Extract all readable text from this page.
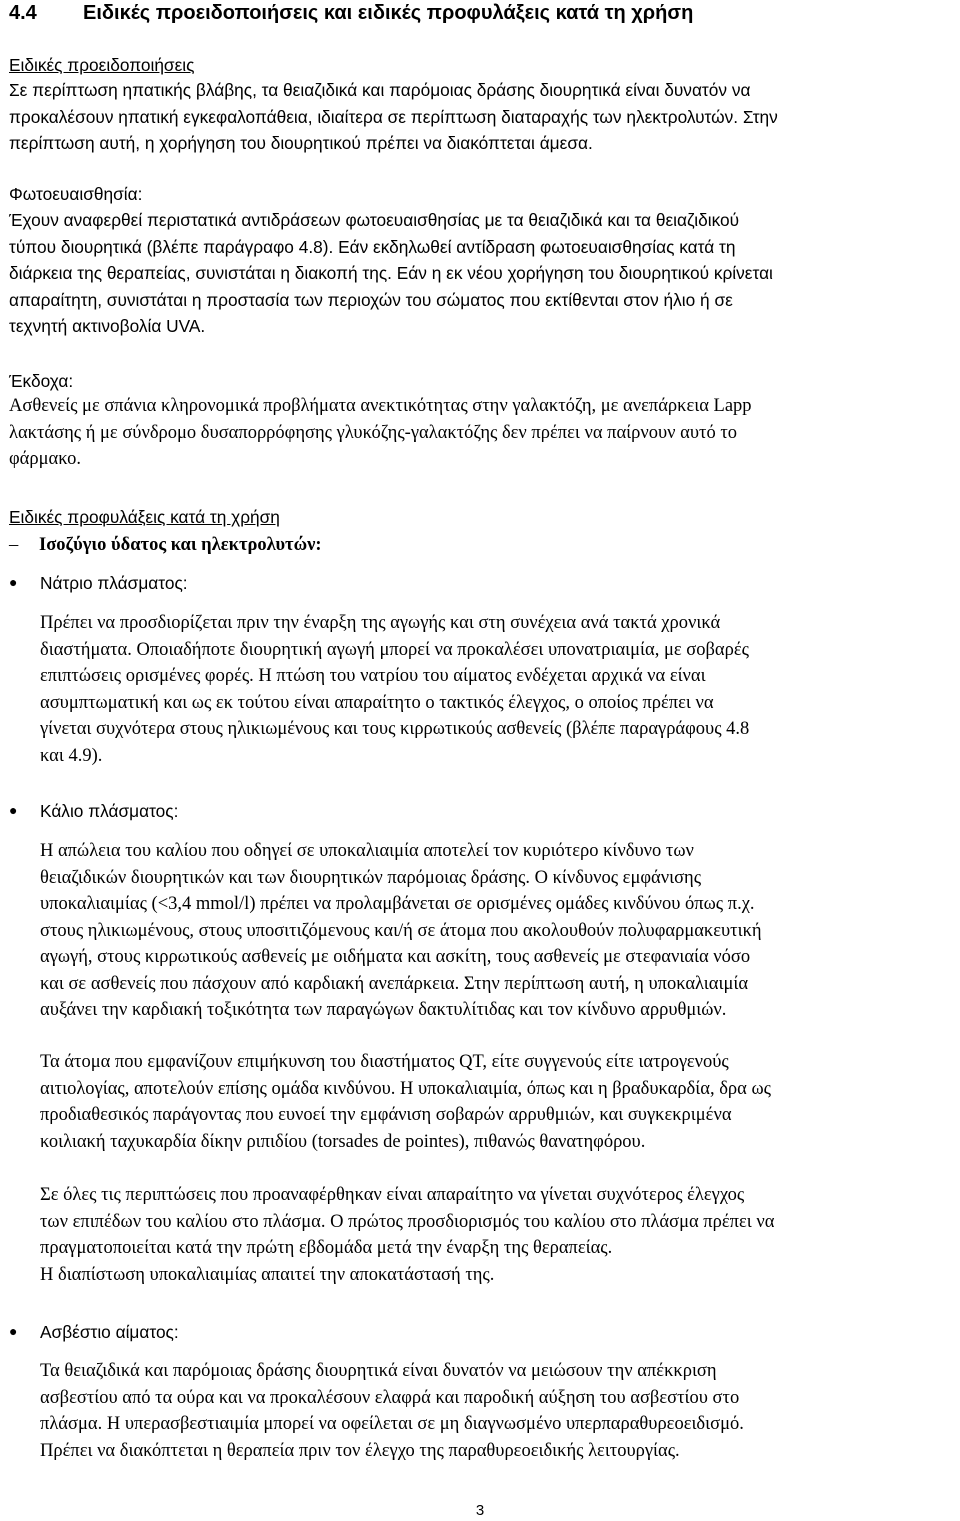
4.4 Ειδικές προειδοποιήσεις και ειδικές προφυλάξεις κατά τη χρήση
Ειδικές προειδοποιήσεις
Σε περίπτωση ηπατικής βλάβης, τα θειαζιδικά και παρόμοιας δράσης διουρητικά είναι δυνατόν να
προκαλέσουν ηπατική εγκεφαλοπάθεια, ιδιαίτερα σε περίπτωση διαταραχής των ηλεκτρολυτών. Στην
περίπτωση αυτή, η χορήγηση του διουρητικού πρέπει να διακόπτεται άμεσα.
Φωτοευαισθησία:
Έχουν αναφερθεί περιστατικά αντιδράσεων φωτοευαισθησίας με τα θειαζιδικά και τα θειαζιδικού
τύπου διουρητικά (βλέπε παράγραφο 4.8). Εάν εκδηλωθεί αντίδραση φωτοευαισθησίας κατά τη
διάρκεια της θεραπείας, συνιστάται η διακοπή της. Εάν η εκ νέου χορήγηση του διουρητικού κρίνεται
απαραίτητη, συνιστάται η προστασία των περιοχών του σώματος που εκτίθενται στον ήλιο ή σε
τεχνητή ακτινοβολία UVA.
Έκδοχα:
Ασθενείς με σπάνια κληρονομικά προβλήματα ανεκτικότητας στην γαλακτόζη, με ανεπάρκεια Lapp
λακτάσης ή με σύνδρομο δυσαπορρόφησης γλυκόζης-γαλακτόζης δεν πρέπει να παίρνουν αυτό το
φάρμακο.
Ειδικές προφυλάξεις κατά τη χρήση
– Ισοζύγιο ύδατος και ηλεκτρολυτών:
● Νάτριο πλάσματος:
Πρέπει να προσδιορίζεται πριν την έναρξη της αγωγής και στη συνέχεια ανά τακτά χρονικά
διαστήματα. Οποιαδήποτε διουρητική αγωγή μπορεί να προκαλέσει υπονατριαιμία, με σοβαρές
επιπτώσεις ορισμένες φορές. Η πτώση του νατρίου του αίματος ενδέχεται αρχικά να είναι
ασυμπτωματική και ως εκ τούτου είναι απαραίτητο ο τακτικός έλεγχος, ο οποίος πρέπει να
γίνεται συχνότερα στους ηλικιωμένους και τους κιρρωτικούς ασθενείς (βλέπε παραγράφους 4.8
και 4.9).
● Κάλιο πλάσματος:
Η απώλεια του καλίου που οδηγεί σε υποκαλιαιμία αποτελεί τον κυριότερο κίνδυνο των
θειαζιδικών διουρητικών και των διουρητικών παρόμοιας δράσης. Ο κίνδυνος εμφάνισης
υποκαλιαιμίας (<3,4 mmol/l) πρέπει να προλαμβάνεται σε ορισμένες ομάδες κινδύνου όπως π.χ.
στους ηλικιωμένους, στους υποσιτιζόμενους και/ή σε άτομα που ακολουθούν πολυφαρμακευτική
αγωγή, στους κιρρωτικούς ασθενείς με οιδήματα και ασκίτη, τους ασθενείς με στεφανιαία νόσο
και σε ασθενείς που πάσχουν από καρδιακή ανεπάρκεια. Στην περίπτωση αυτή, η υποκαλιαιμία
αυξάνει την καρδιακή τοξικότητα των παραγώγων δακτυλίτιδας και τον κίνδυνο αρρυθμιών.
Τα άτομα που εμφανίζουν επιμήκυνση του διαστήματος QT, είτε συγγενούς είτε ιατρογενούς
αιτιολογίας, αποτελούν επίσης ομάδα κινδύνου. Η υποκαλιαιμία, όπως και η βραδυκαρδία, δρα ως
προδιαθεσικός παράγοντας που ευνοεί την εμφάνιση σοβαρών αρρυθμιών, και συγκεκριμένα
κοιλιακή ταχυκαρδία δίκην ριπιδίου (torsades de pointes), πιθανώς θανατηφόρου.
Σε όλες τις περιπτώσεις που προαναφέρθηκαν είναι απαραίτητο να γίνεται συχνότερος έλεγχος
των επιπέδων του καλίου στο πλάσμα. Ο πρώτος προσδιορισμός του καλίου στο πλάσμα πρέπει να
πραγματοποιείται κατά την πρώτη εβδομάδα μετά την έναρξη της θεραπείας.
Η διαπίστωση υποκαλιαιμίας απαιτεί την αποκατάστασή της.
● Ασβέστιο αίματος:
Τα θειαζιδικά και παρόμοιας δράσης διουρητικά είναι δυνατόν να μειώσουν την απέκκριση
ασβεστίου από τα ούρα και να προκαλέσουν ελαφρά και παροδική αύξηση του ασβεστίου στο
πλάσμα. Η υπερασβεστιαιμία μπορεί να οφείλεται σε μη διαγνωσμένο υπερπαραθυρεοειδισμό.
Πρέπει να διακόπτεται η θεραπεία πριν τον έλεγχο της παραθυρεοειδικής λειτουργίας.
3
